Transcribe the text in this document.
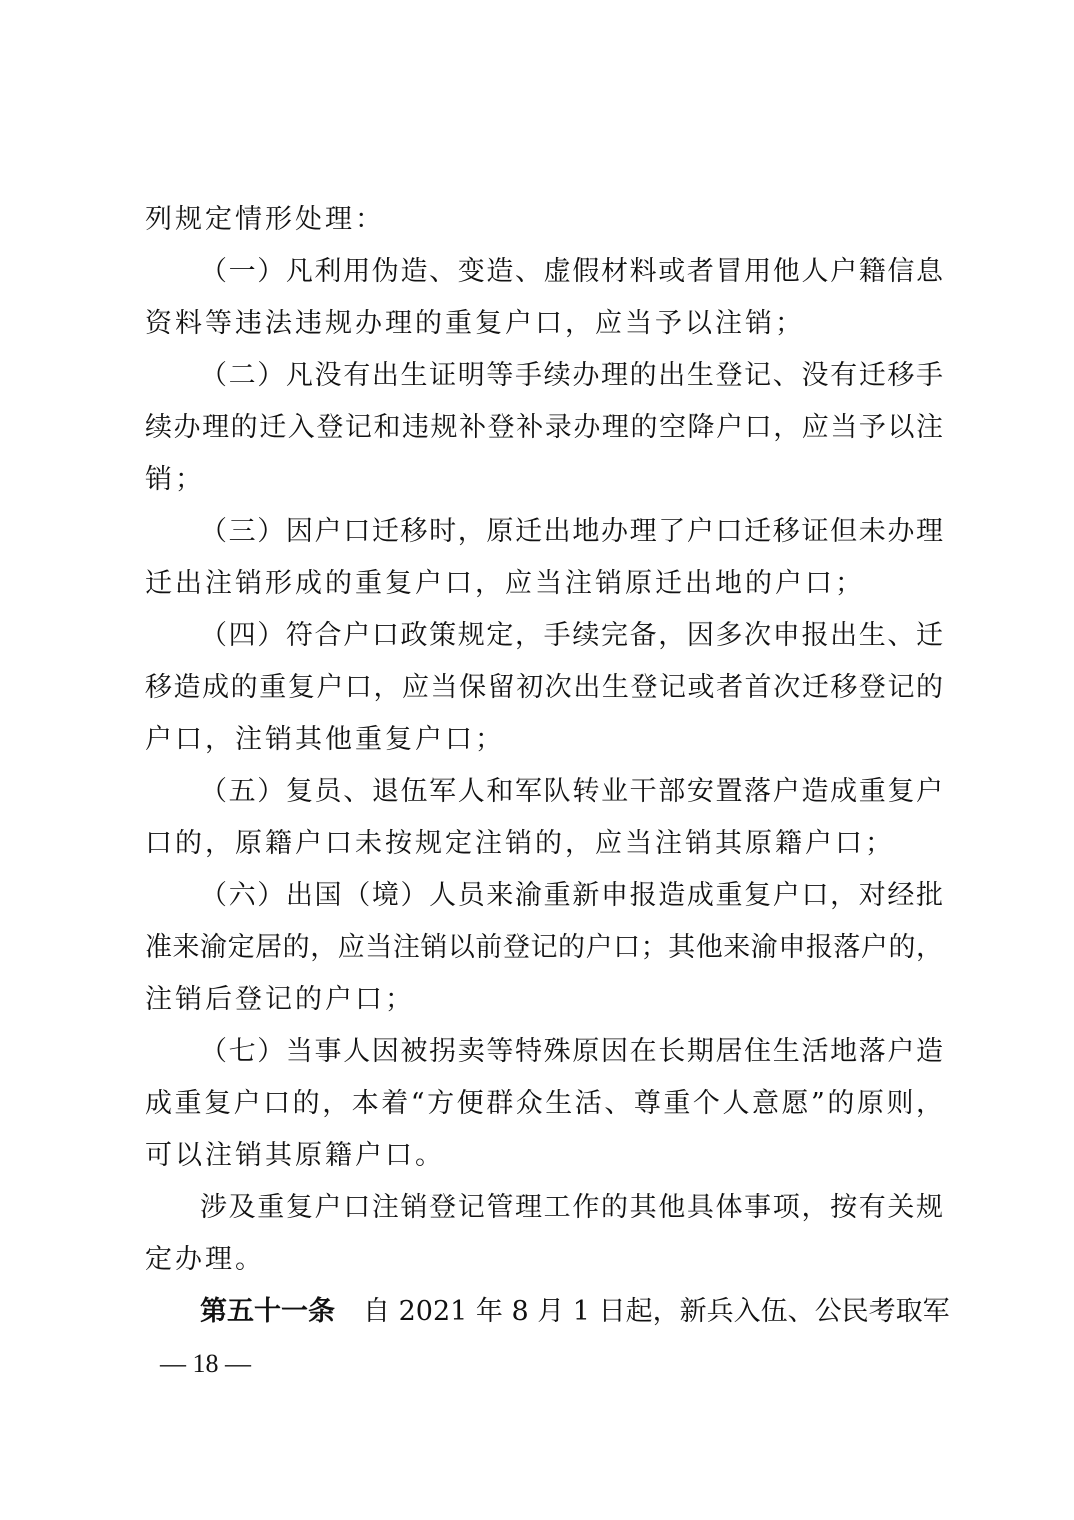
列规定情形处理：
（一）凡利用伪造、变造、虚假材料或者冒用他人户籍信息
资料等违法违规办理的重复户口，应当予以注销；
（二）凡没有出生证明等手续办理的出生登记、没有迁移手
续办理的迁入登记和违规补登补录办理的空降户口，应当予以注
销；
（三）因户口迁移时，原迁出地办理了户口迁移证但未办理
迁出注销形成的重复户口，应当注销原迁出地的户口；
（四）符合户口政策规定，手续完备，因多次申报出生、迁
移造成的重复户口，应当保留初次出生登记或者首次迁移登记的
户口，注销其他重复户口；
（五）复员、退伍军人和军队转业干部安置落户造成重复户
口的，原籍户口未按规定注销的，应当注销其原籍户口；
（六）出国（境）人员来渝重新申报造成重复户口，对经批
准来渝定居的，应当注销以前登记的户口；其他来渝申报落户的，
注销后登记的户口；
（七）当事人因被拐卖等特殊原因在长期居住生活地落户造
成重复户口的，本着“方便群众生活、尊重个人意愿”的原则，
可以注销其原籍户口。
涉及重复户口注销登记管理工作的其他具体事项，按有关规
定办理。
第五十一条 自 2021 年 8 月 1 日起，新兵入伍、公民考取军
— 18 —
